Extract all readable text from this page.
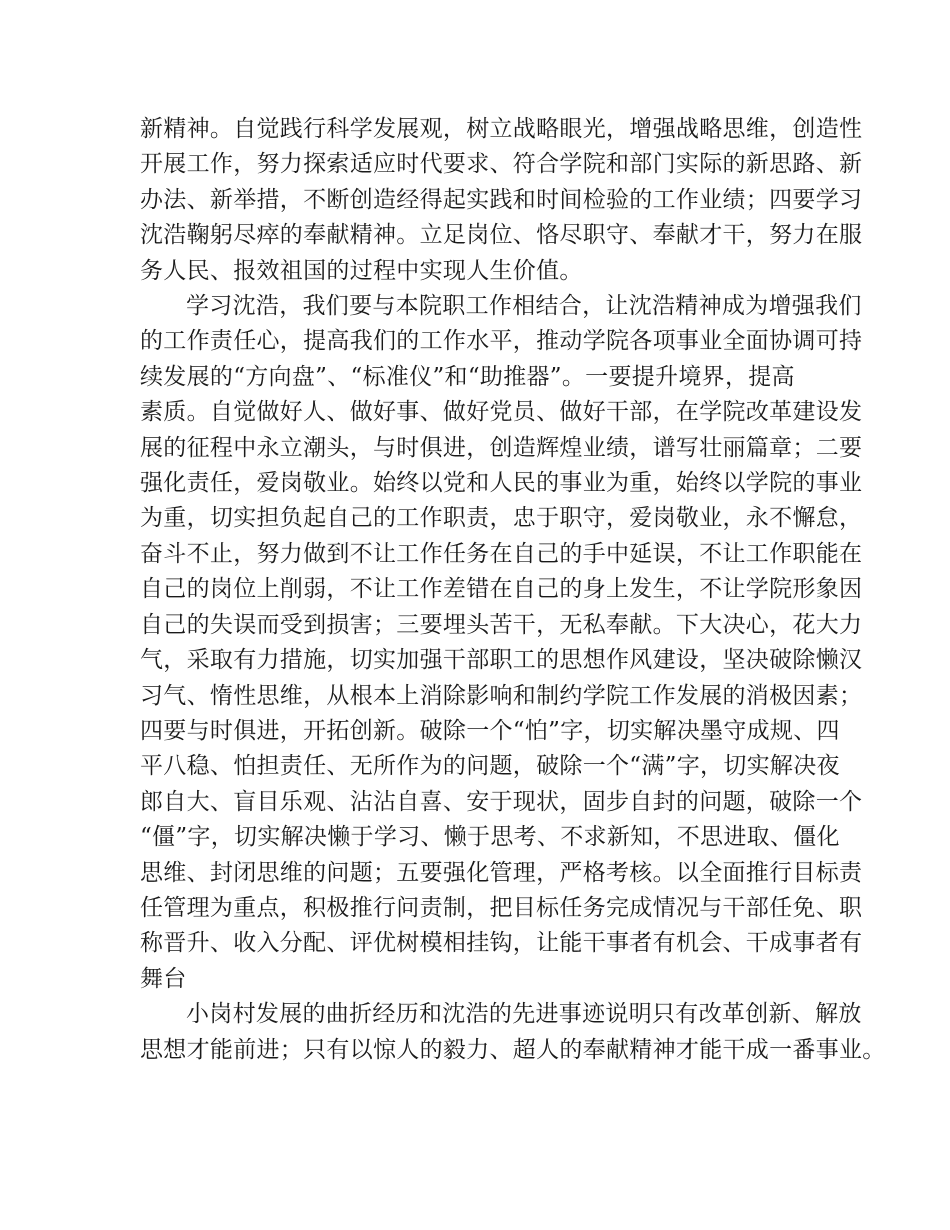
新精神。自觉践行科学发展观，树立战略眼光，增强战略思维，创造性
开展工作，努力探索适应时代要求、符合学院和部门实际的新思路、新
办法、新举措，不断创造经得起实践和时间检验的工作业绩；四要学习
沈浩鞠躬尽瘁的奉献精神。立足岗位、恪尽职守、奉献才干，努力在服
务人民、报效祖国的过程中实现人生价值。

学习沈浩，我们要与本院职工作相结合，让沈浩精神成为增强我们
的工作责任心，提高我们的工作水平，推动学院各项事业全面协调可持
续发展的“方向盘”、“标准仪”和“助推器”。一要提升境界，提高
素质。自觉做好人、做好事、做好党员、做好干部，在学院改革建设发
展的征程中永立潮头，与时俱进，创造辉煌业绩，谱写壮丽篇章；二要
强化责任，爱岗敬业。始终以党和人民的事业为重，始终以学院的事业
为重，切实担负起自己的工作职责，忠于职守，爱岗敬业，永不懈怠，
奋斗不止，努力做到不让工作任务在自己的手中延误，不让工作职能在
自己的岗位上削弱，不让工作差错在自己的身上发生，不让学院形象因
自己的失误而受到损害；三要埋头苦干，无私奉献。下大决心，花大力
气，采取有力措施，切实加强干部职工的思想作风建设，坚决破除懒汉
习气、惰性思维，从根本上消除影响和制约学院工作发展的消极因素；
四要与时俱进，开拓创新。破除一个“怕”字，切实解决墨守成规、四
平八稳、怕担责任、无所作为的问题，破除一个“满”字，切实解决夜
郎自大、盲目乐观、沾沾自喜、安于现状，固步自封的问题，破除一个
“僵”字，切实解决懒于学习、懒于思考、不求新知，不思进取、僵化
思维、封闭思维的问题；五要强化管理，严格考核。以全面推行目标责
任管理为重点，积极推行问责制，把目标任务完成情况与干部任免、职
称晋升、收入分配、评优树模相挂钩，让能干事者有机会、干成事者有
舞台

小岗村发展的曲折经历和沈浩的先进事迹说明只有改革创新、解放
思想才能前进；只有以惊人的毅力、超人的奉献精神才能干成一番事业。
